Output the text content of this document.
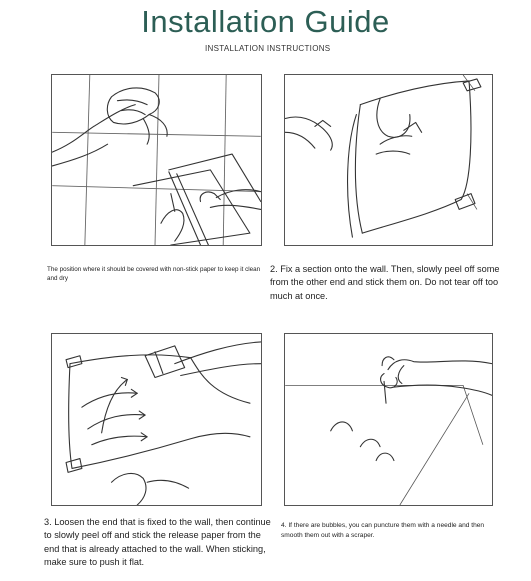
Installation Guide
INSTALLATION INSTRUCTIONS
The position where it should be covered with non-stick paper to keep it clean and dry
2. Fix a section onto the wall. Then, slowly peel off some from the other end and stick them on. Do not tear off too much at once.
3. Loosen the end that is fixed to the wall, then continue to slowly peel off and stick the release paper from the end that is already attached to the wall. When sticking, make sure to push it flat.
4. If there are bubbles, you can puncture them with a needle and then smooth them out with a scraper.
